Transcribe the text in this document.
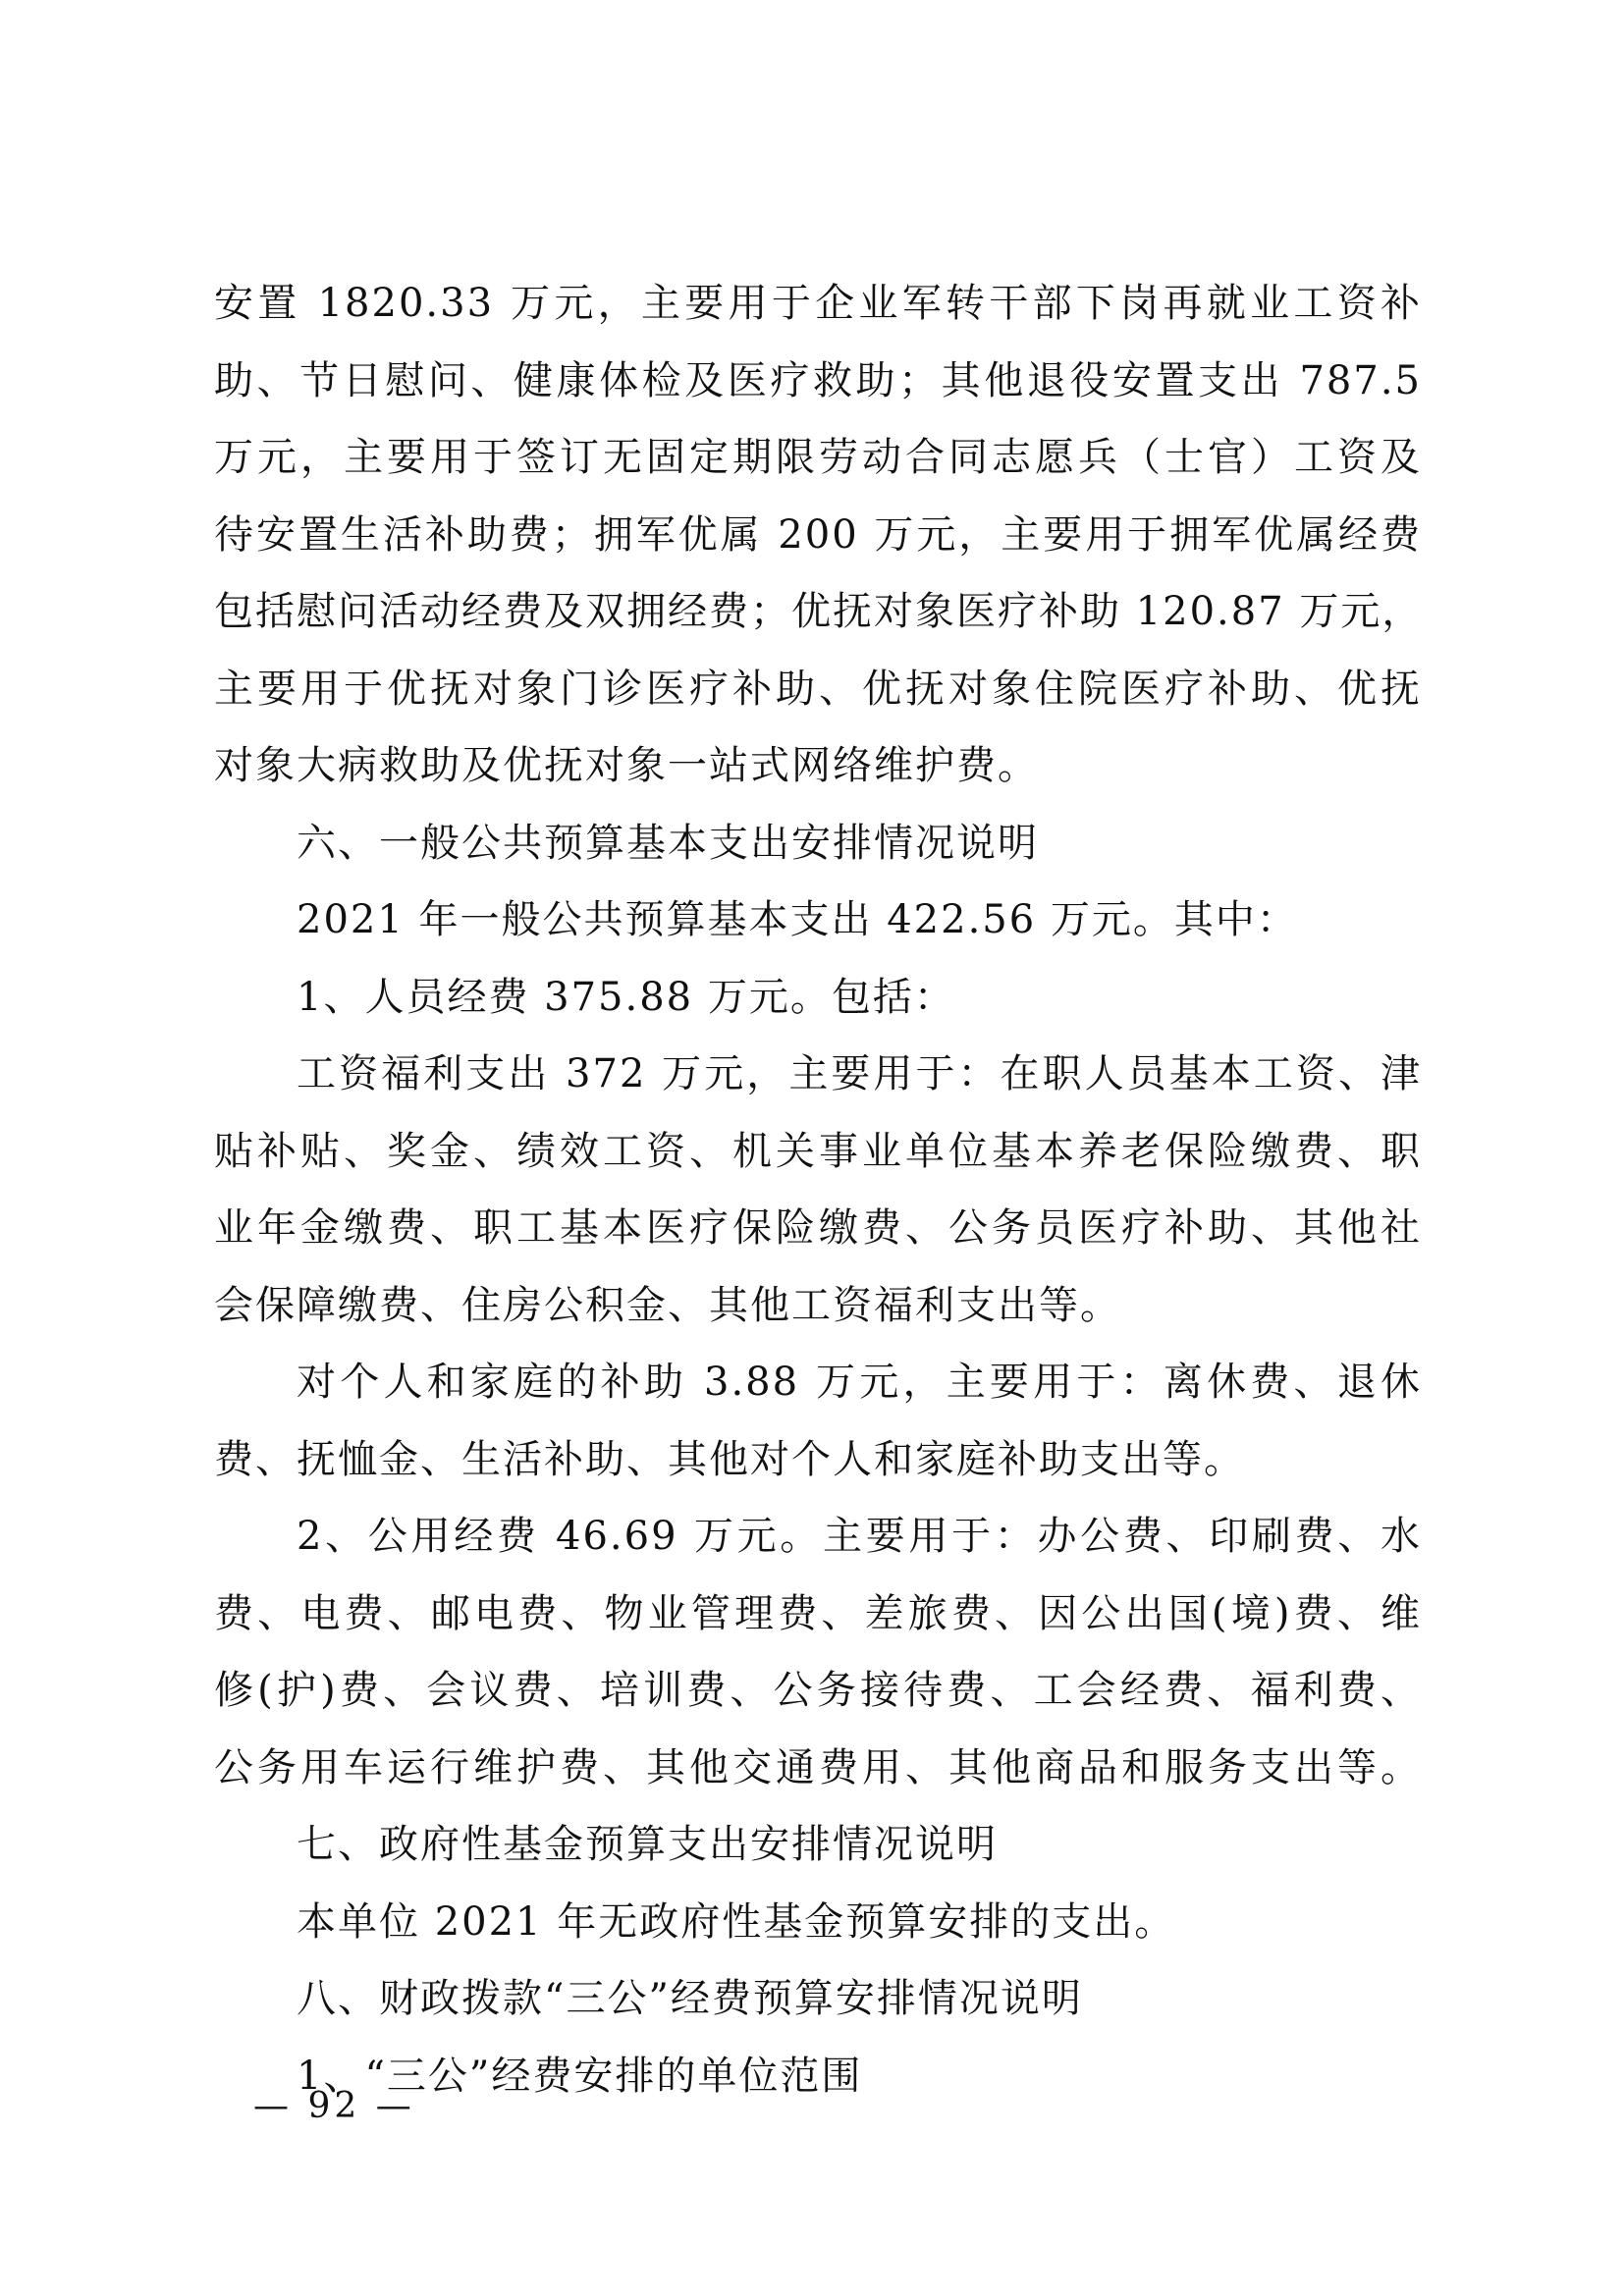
安置 1820.33 万元，主要用于企业军转干部下岗再就业工资补
助、节日慰问、健康体检及医疗救助；其他退役安置支出 787.5
万元，主要用于签订无固定期限劳动合同志愿兵（士官）工资及
待安置生活补助费；拥军优属 200 万元，主要用于拥军优属经费
包括慰问活动经费及双拥经费；优抚对象医疗补助 120.87 万元，
主要用于优抚对象门诊医疗补助、优抚对象住院医疗补助、优抚
对象大病救助及优抚对象一站式网络维护费。
六、一般公共预算基本支出安排情况说明
2021 年一般公共预算基本支出 422.56 万元。其中：
1、人员经费 375.88 万元。包括：
工资福利支出 372 万元，主要用于：在职人员基本工资、津
贴补贴、奖金、绩效工资、机关事业单位基本养老保险缴费、职
业年金缴费、职工基本医疗保险缴费、公务员医疗补助、其他社
会保障缴费、住房公积金、其他工资福利支出等。
对个人和家庭的补助 3.88 万元，主要用于：离休费、退休
费、抚恤金、生活补助、其他对个人和家庭补助支出等。
2、公用经费 46.69 万元。主要用于：办公费、印刷费、水
费、电费、邮电费、物业管理费、差旅费、因公出国(境)费、维
修(护)费、会议费、培训费、公务接待费、工会经费、福利费、
公务用车运行维护费、其他交通费用、其他商品和服务支出等。
七、政府性基金预算支出安排情况说明
本单位 2021 年无政府性基金预算安排的支出。
八、财政拨款“三公”经费预算安排情况说明
1、“三公”经费安排的单位范围
— 92 —
